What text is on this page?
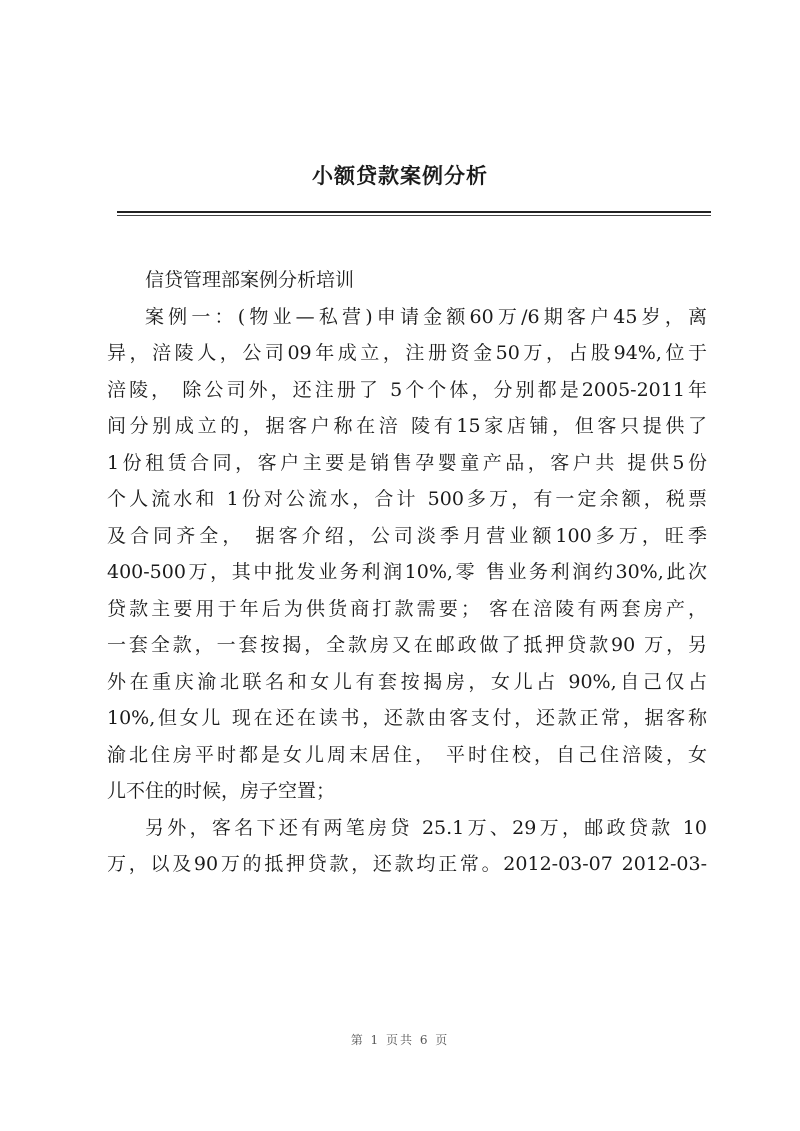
小额贷款案例分析
信贷管理部案例分析培训
案例一：(物业—私营)申请金额60万/6期客户45岁，离
异，涪陵人，公司09年成立，注册资金50万，占股94%,位于
涪陵， 除公司外，还注册了 5个个体，分别都是2005-2011年
间分别成立的，据客户称在涪 陵有15家店铺，但客只提供了
1份租赁合同，客户主要是销售孕婴童产品，客户共 提供5份
个人流水和 1份对公流水，合计 500多万，有一定余额，税票
及合同齐全， 据客介绍，公司淡季月营业额100多万，旺季
400-500万，其中批发业务利润10%,零 售业务利润约30%,此次
贷款主要用于年后为供货商打款需要； 客在涪陵有两套房产，
一套全款，一套按揭，全款房又在邮政做了抵押贷款90 万，另
外在重庆渝北联名和女儿有套按揭房，女儿占 90%,自己仅占
10%,但女儿 现在还在读书，还款由客支付，还款正常，据客称
渝北住房平时都是女儿周末居住， 平时住校，自己住涪陵，女
儿不住的时候，房子空置；
另外，客名下还有两笔房贷 25.1万、29万，邮政贷款 10
万，以及90万的抵押贷款，还款均正常。2012-03-07 2012-03-
第 1 页共 6 页
